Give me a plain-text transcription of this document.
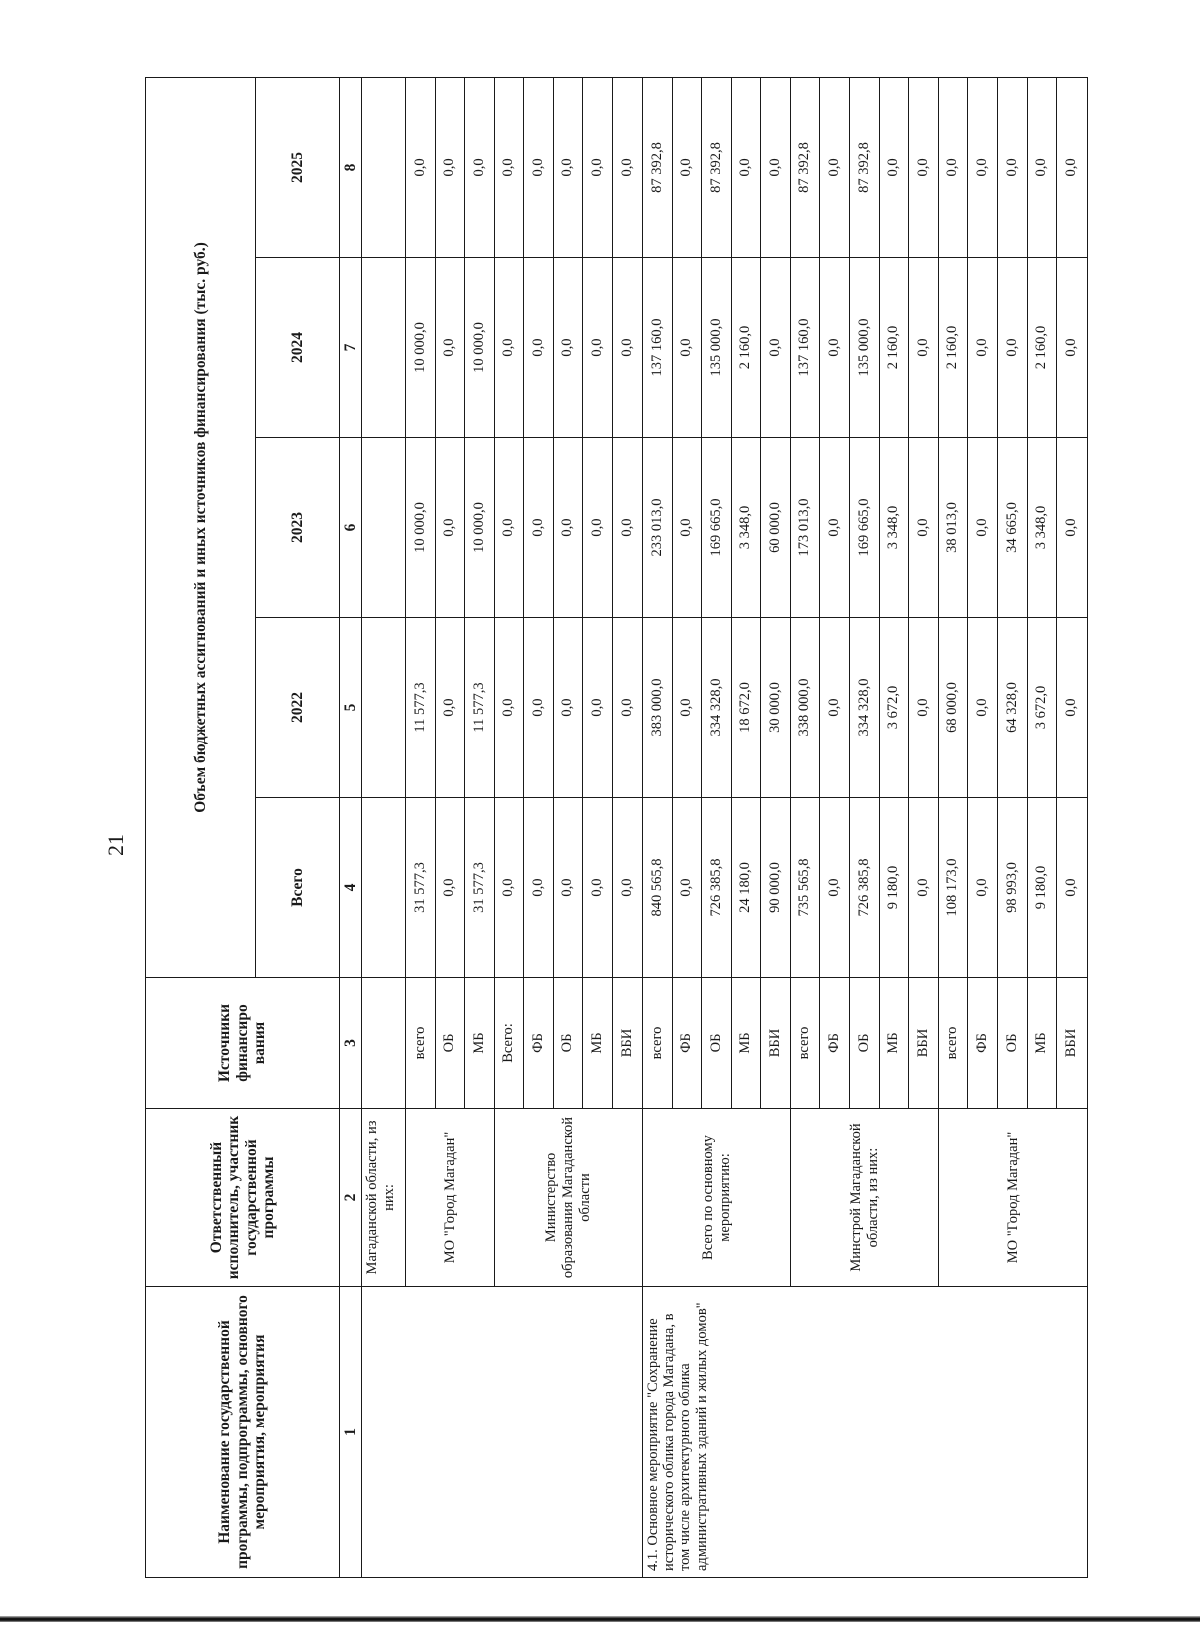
21
Наименование государственной программы, подпрограммы, основного мероприятия, мероприятия	Ответственный исполнитель, участник государственной программы	Источники финансиро вания	Объем бюджетных ассигнований и иных источников финансирования (тыс. руб.)				
			Всего	2022	2023	2024	2025
1	2	3	4	5	6	7	8
	Магаданской области, из них:						
	МО "Город Магадан"	всего	31 577,3	11 577,3	10 000,0	10 000,0	0,0
		ОБ	0,0	0,0	0,0	0,0	0,0
		МБ	31 577,3	11 577,3	10 000,0	10 000,0	0,0
	Министерство образования Магаданской области	Всего:	0,0	0,0	0,0	0,0	0,0
		ФБ	0,0	0,0	0,0	0,0	0,0
		ОБ	0,0	0,0	0,0	0,0	0,0
		МБ	0,0	0,0	0,0	0,0	0,0
		ВБИ	0,0	0,0	0,0	0,0	0,0
4.1. Основное мероприятие "Сохранение исторического облика города Магадана, в том числе архитектурного облика административных зданий и жилых домов"	Всего по основному мероприятию:	всего	840 565,8	383 000,0	233 013,0	137 160,0	87 392,8
		ФБ	0,0	0,0	0,0	0,0	0,0
		ОБ	726 385,8	334 328,0	169 665,0	135 000,0	87 392,8
		МБ	24 180,0	18 672,0	3 348,0	2 160,0	0,0
		ВБИ	90 000,0	30 000,0	60 000,0	0,0	0,0
	Минстрой Магаданской области, из них:	всего	735 565,8	338 000,0	173 013,0	137 160,0	87 392,8
		ФБ	0,0	0,0	0,0	0,0	0,0
		ОБ	726 385,8	334 328,0	169 665,0	135 000,0	87 392,8
		МБ	9 180,0	3 672,0	3 348,0	2 160,0	0,0
		ВБИ	0,0	0,0	0,0	0,0	0,0
	МО "Город Магадан"	всего	108 173,0	68 000,0	38 013,0	2 160,0	0,0
		ФБ	0,0	0,0	0,0	0,0	0,0
		ОБ	98 993,0	64 328,0	34 665,0	0,0	0,0
		МБ	9 180,0	3 672,0	3 348,0	2 160,0	0,0
		ВБИ	0,0	0,0	0,0	0,0	0,0
